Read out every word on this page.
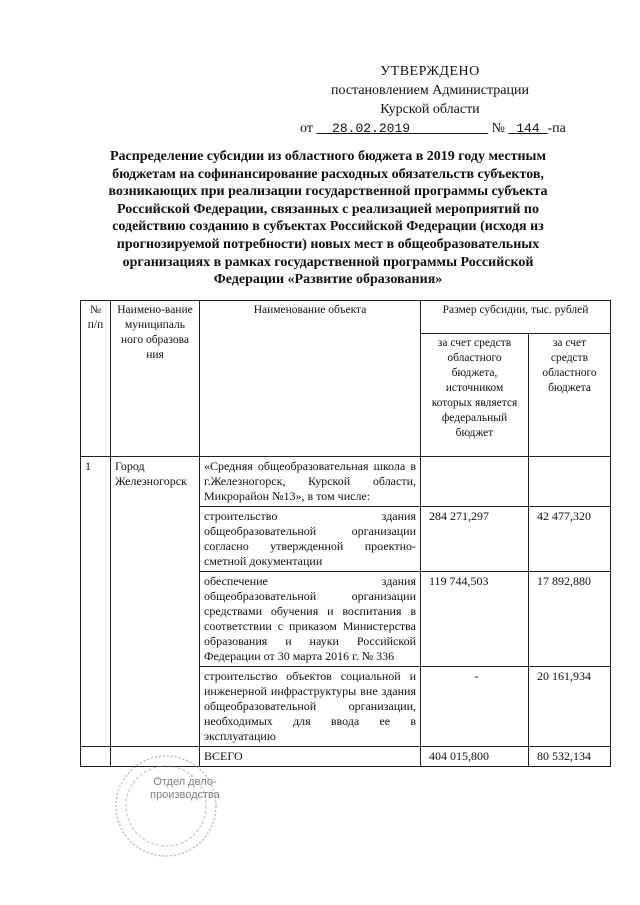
УТВЕРЖДЕНО
постановлением Администрации
Курской области
от 28.02.2019	№ 144 -па
Распределение субсидии из областного бюджета в 2019 году местным бюджетам на софинансирование расходных обязательств субъектов, возникающих при реализации государственной программы субъекта Российской Федерации, связанных с реализацией мероприятий по содействию созданию в субъектах Российской Федерации (исходя из прогнозируемой потребности) новых мест в общеобразовательных организациях в рамках государственной программы Российской Федерации «Развитие образования»
№ п/п	Наимено-вание муниципаль ного образова ния	Наименование объекта	Размер субсидии, тыс. рублей	
			за счет средств областного бюджета, источником которых является федеральный бюджет	за счет средств областного бюджета
1	Город Железногорск	«Средняя общеобразовательная школа в г.Железногорск, Курской области, Микрорайон №13», в том числе:		
		строительство здания общеобразовательной организации согласно утвержденной проектно-сметной документации	284 271,297	42 477,320
		обеспечение здания общеобразовательной организации средствами обучения и воспитания в соответствии с приказом Министерства образования и науки Российской Федерации от 30 марта 2016 г. № 336	119 744,503	17 892,880
		строительство объектов социальной и инженерной инфраструктуры вне здания общеобразовательной организации, необходимых для ввода ее в эксплуатацию	-	20 161,934
		ВСЕГО	404 015,800	80 532,134
Отдел дело-производства
